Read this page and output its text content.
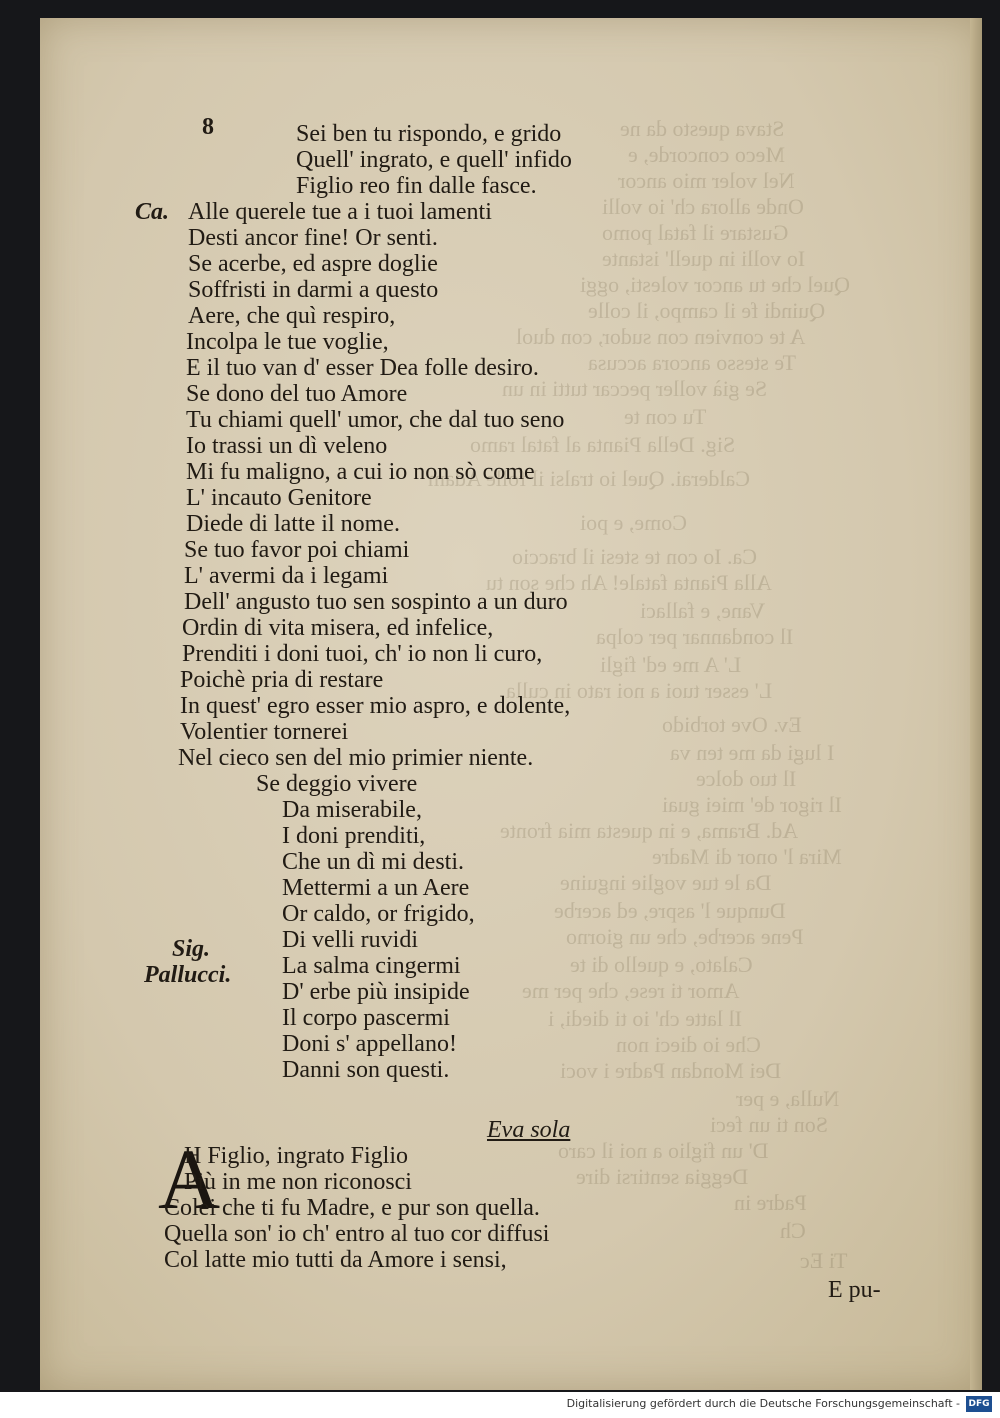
Stava questo da ne
Meco concorde, e
Nel voler mio ancor
Onde allora ch' io volli
Gustare il fatal pomo
Io volli in quell' istante
Quel che tu ancor volesti, oggi
Quindi fe il campo, il colle
A te convien con sudor, con duol
Te stesso ancora accusa
Se già voller peccar tutti in un
Tu con te
Sig. Della Pianta al fatal ramo
Calderai. Quel io tralsi il folle Adam
Come, e poi
Ca. Io con te stesi il braccio
Alla Pianta fatale! Ah che son tu
Vane, e fallaci
Il condannar per colpa
L' A me ed' figli
L' esser tuoi a noi rato in culla
Ev. Ove torbido
I lugi da me ten va
Il tuo dolce
Il rigor de' miei guai
Ad. Brama, e in questa mia fronte
Mira l' onor di Madre
Da le tue voglie inguine
Dunque l' aspre, ed acerbe
Pene acerbe, che un giorno
Calato, e quello di te
Amor ti rese, che per me
Il latte ch' io ti diedi, i
Che io dieci non
Dei Mondan Padre i voci
Nulla, e per
Son ti un feci
D' un figlio a noi il caro
Deggia sentirsi dire
Padre in
Ch
Ti Ec
8	Sei ben tu rispondo, e grido
Quell' ingrato, e quell' infido
Figlio reo fin dalle fasce.
Ca. Alle querele tue a i tuoi lamenti
Desti ancor fine! Or senti.
Se acerbe, ed aspre doglie
Soffristi in darmi a questo
Aere, che quì respiro,
Incolpa le tue voglie,
E il tuo van d' esser Dea folle desiro.
Se dono del tuo Amore
Tu chiami quell' umor, che dal tuo seno
Io trassi un dì veleno
Mi fu maligno, a cui io non sò come
L' incauto Genitore
Diede di latte il nome.
Se tuo favor poi chiami
L' avermi da i legami
Dell' angusto tuo sen sospinto a un duro
Ordin di vita misera, ed infelice,
Prenditi i doni tuoi, ch' io non li curo,
Poichè pria di restare
In quest' egro esser mio aspro, e dolente,
Volentier tornerei
Nel cieco sen del mio primier niente.
Se deggio vivere
Da miserabile,
I doni prenditi,
Che un dì mi desti.
Mettermi a un Aere
Or caldo, or frigido,
Di velli ruvidi
La salma cingermi
D' erbe più insipide
Il corpo pascermi
Doni s' appellano!
Danni son questi.
Sig.
Pallucci.
Eva sola
A
H Figlio, ingrato Figlio
Più in me non riconosci
Colei che ti fu Madre, e pur son quella.
Quella son' io ch' entro al tuo cor diffusi
Col latte mio tutti da Amore i sensi,
E pu-
Digitalisierung gefördert durch die Deutsche Forschungsgemeinschaft - DFG
